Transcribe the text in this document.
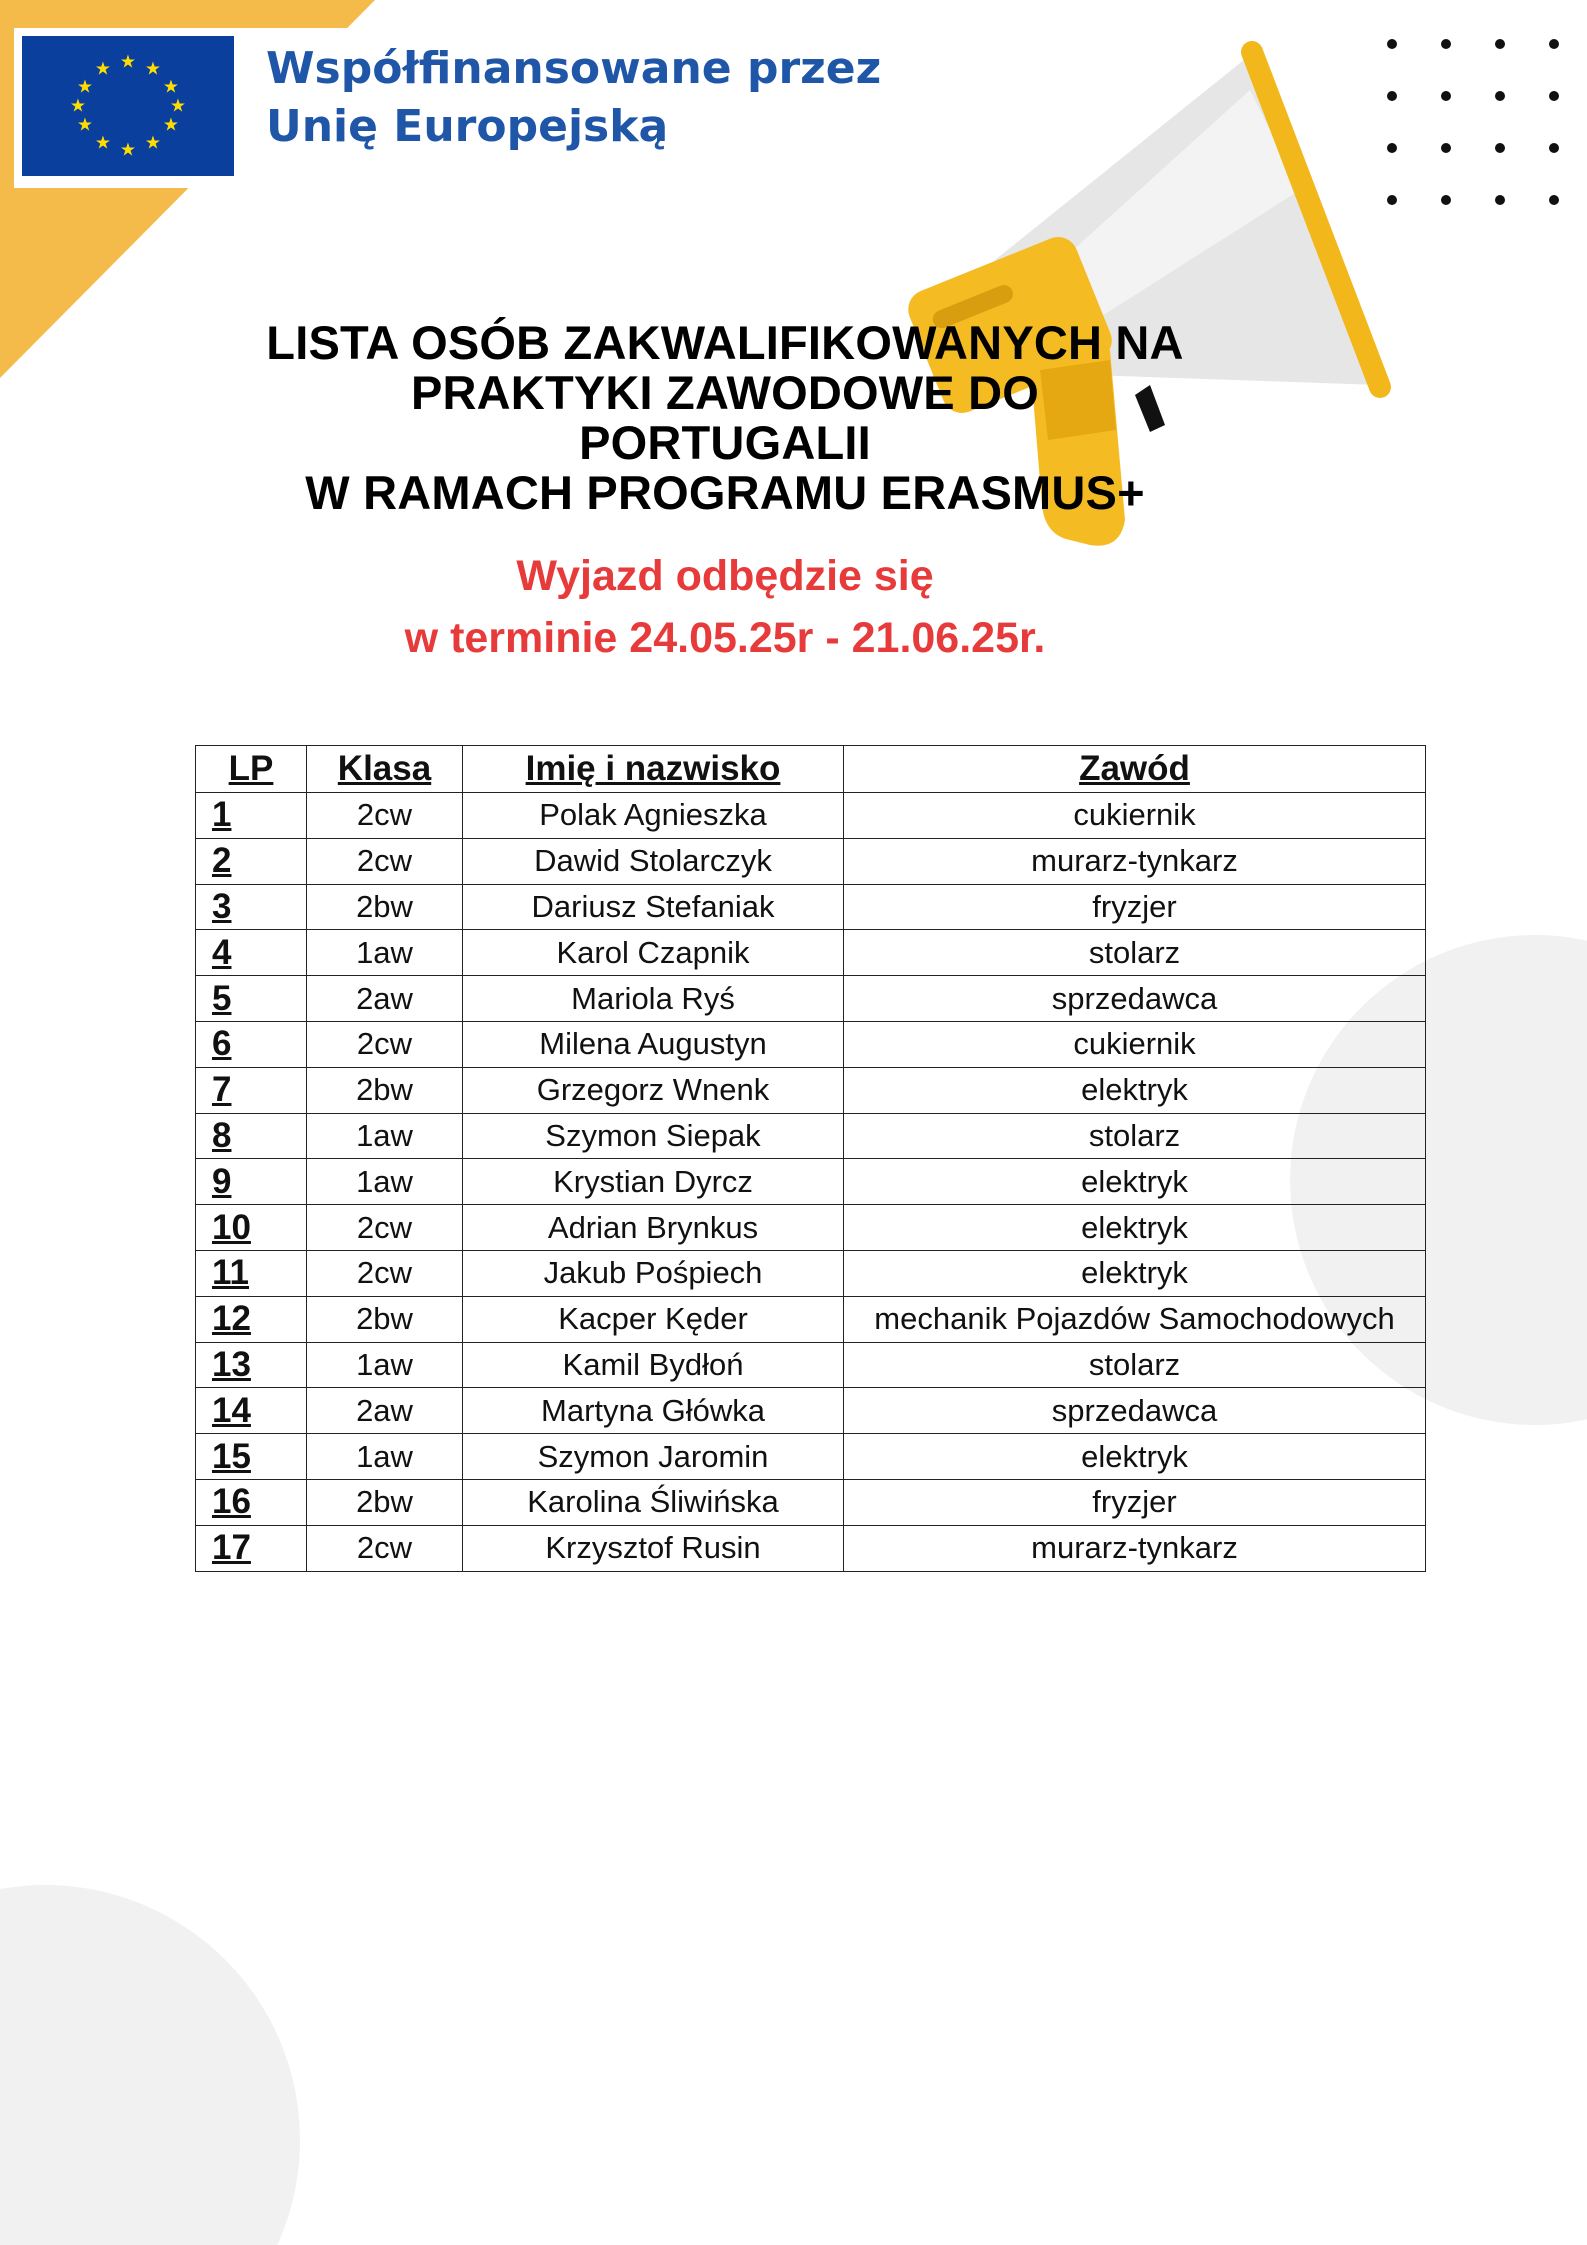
★ ★
★
★
★
★
★
★
★
★
★
★	Współfinansowane przez
Unię Europejską
LISTA OSÓB ZAKWALIFIKOWANYCH NA
PRAKTYKI ZAWODOWE DO
PORTUGALII
W RAMACH PROGRAMU ERASMUS+
Wyjazd odbędzie się
w terminie 24.05.25r - 21.06.25r.
LP	Klasa	Imię i nazwisko	Zawód
1	2cw	Polak Agnieszka	cukiernik
2	2cw	Dawid Stolarczyk	murarz-tynkarz
3	2bw	Dariusz Stefaniak	fryzjer
4	1aw	Karol Czapnik	stolarz
5	2aw	Mariola Ryś	sprzedawca
6	2cw	Milena Augustyn	cukiernik
7	2bw	Grzegorz Wnenk	elektryk
8	1aw	Szymon Siepak	stolarz
9	1aw	Krystian Dyrcz	elektryk
10	2cw	Adrian Brynkus	elektryk
11	2cw	Jakub Pośpiech	elektryk
12	2bw	Kacper Kęder	mechanik Pojazdów Samochodowych
13	1aw	Kamil Bydłoń	stolarz
14	2aw	Martyna Główka	sprzedawca
15	1aw	Szymon Jaromin	elektryk
16	2bw	Karolina Śliwińska	fryzjer
17	2cw	Krzysztof Rusin	murarz-tynkarz
